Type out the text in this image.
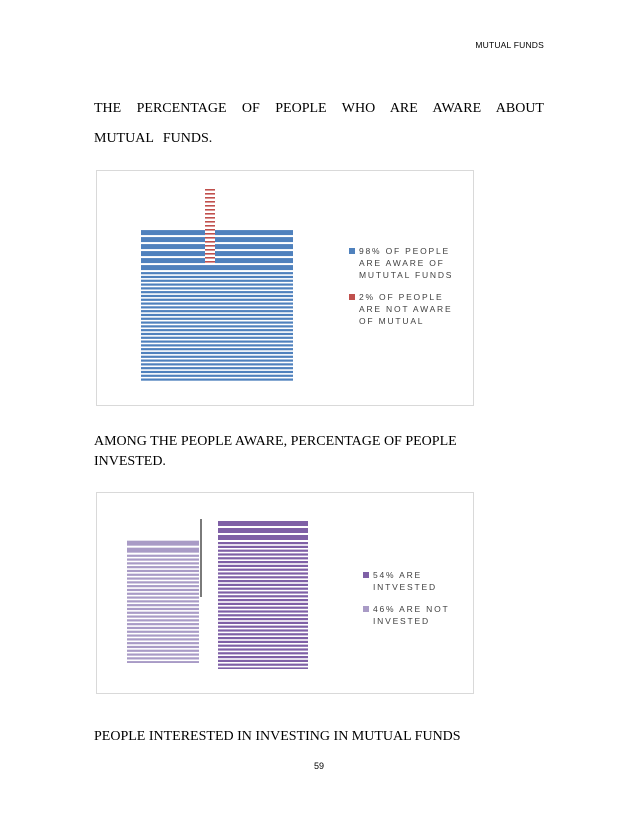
MUTUAL FUNDS
THE PERCENTAGE OF PEOPLE WHO ARE AWARE ABOUT MUTUAL FUNDS.
98% OF PEOPLE ARE AWARE OF MUTUTAL FUNDS
2% OF PEOPLE ARE NOT AWARE OF MUTUAL
AMONG THE PEOPLE AWARE, PERCENTAGE OF PEOPLE INVESTED.
54% ARE INTVESTED
46% ARE NOT INVESTED
PEOPLE INTERESTED IN INVESTING IN MUTUAL FUNDS
59
